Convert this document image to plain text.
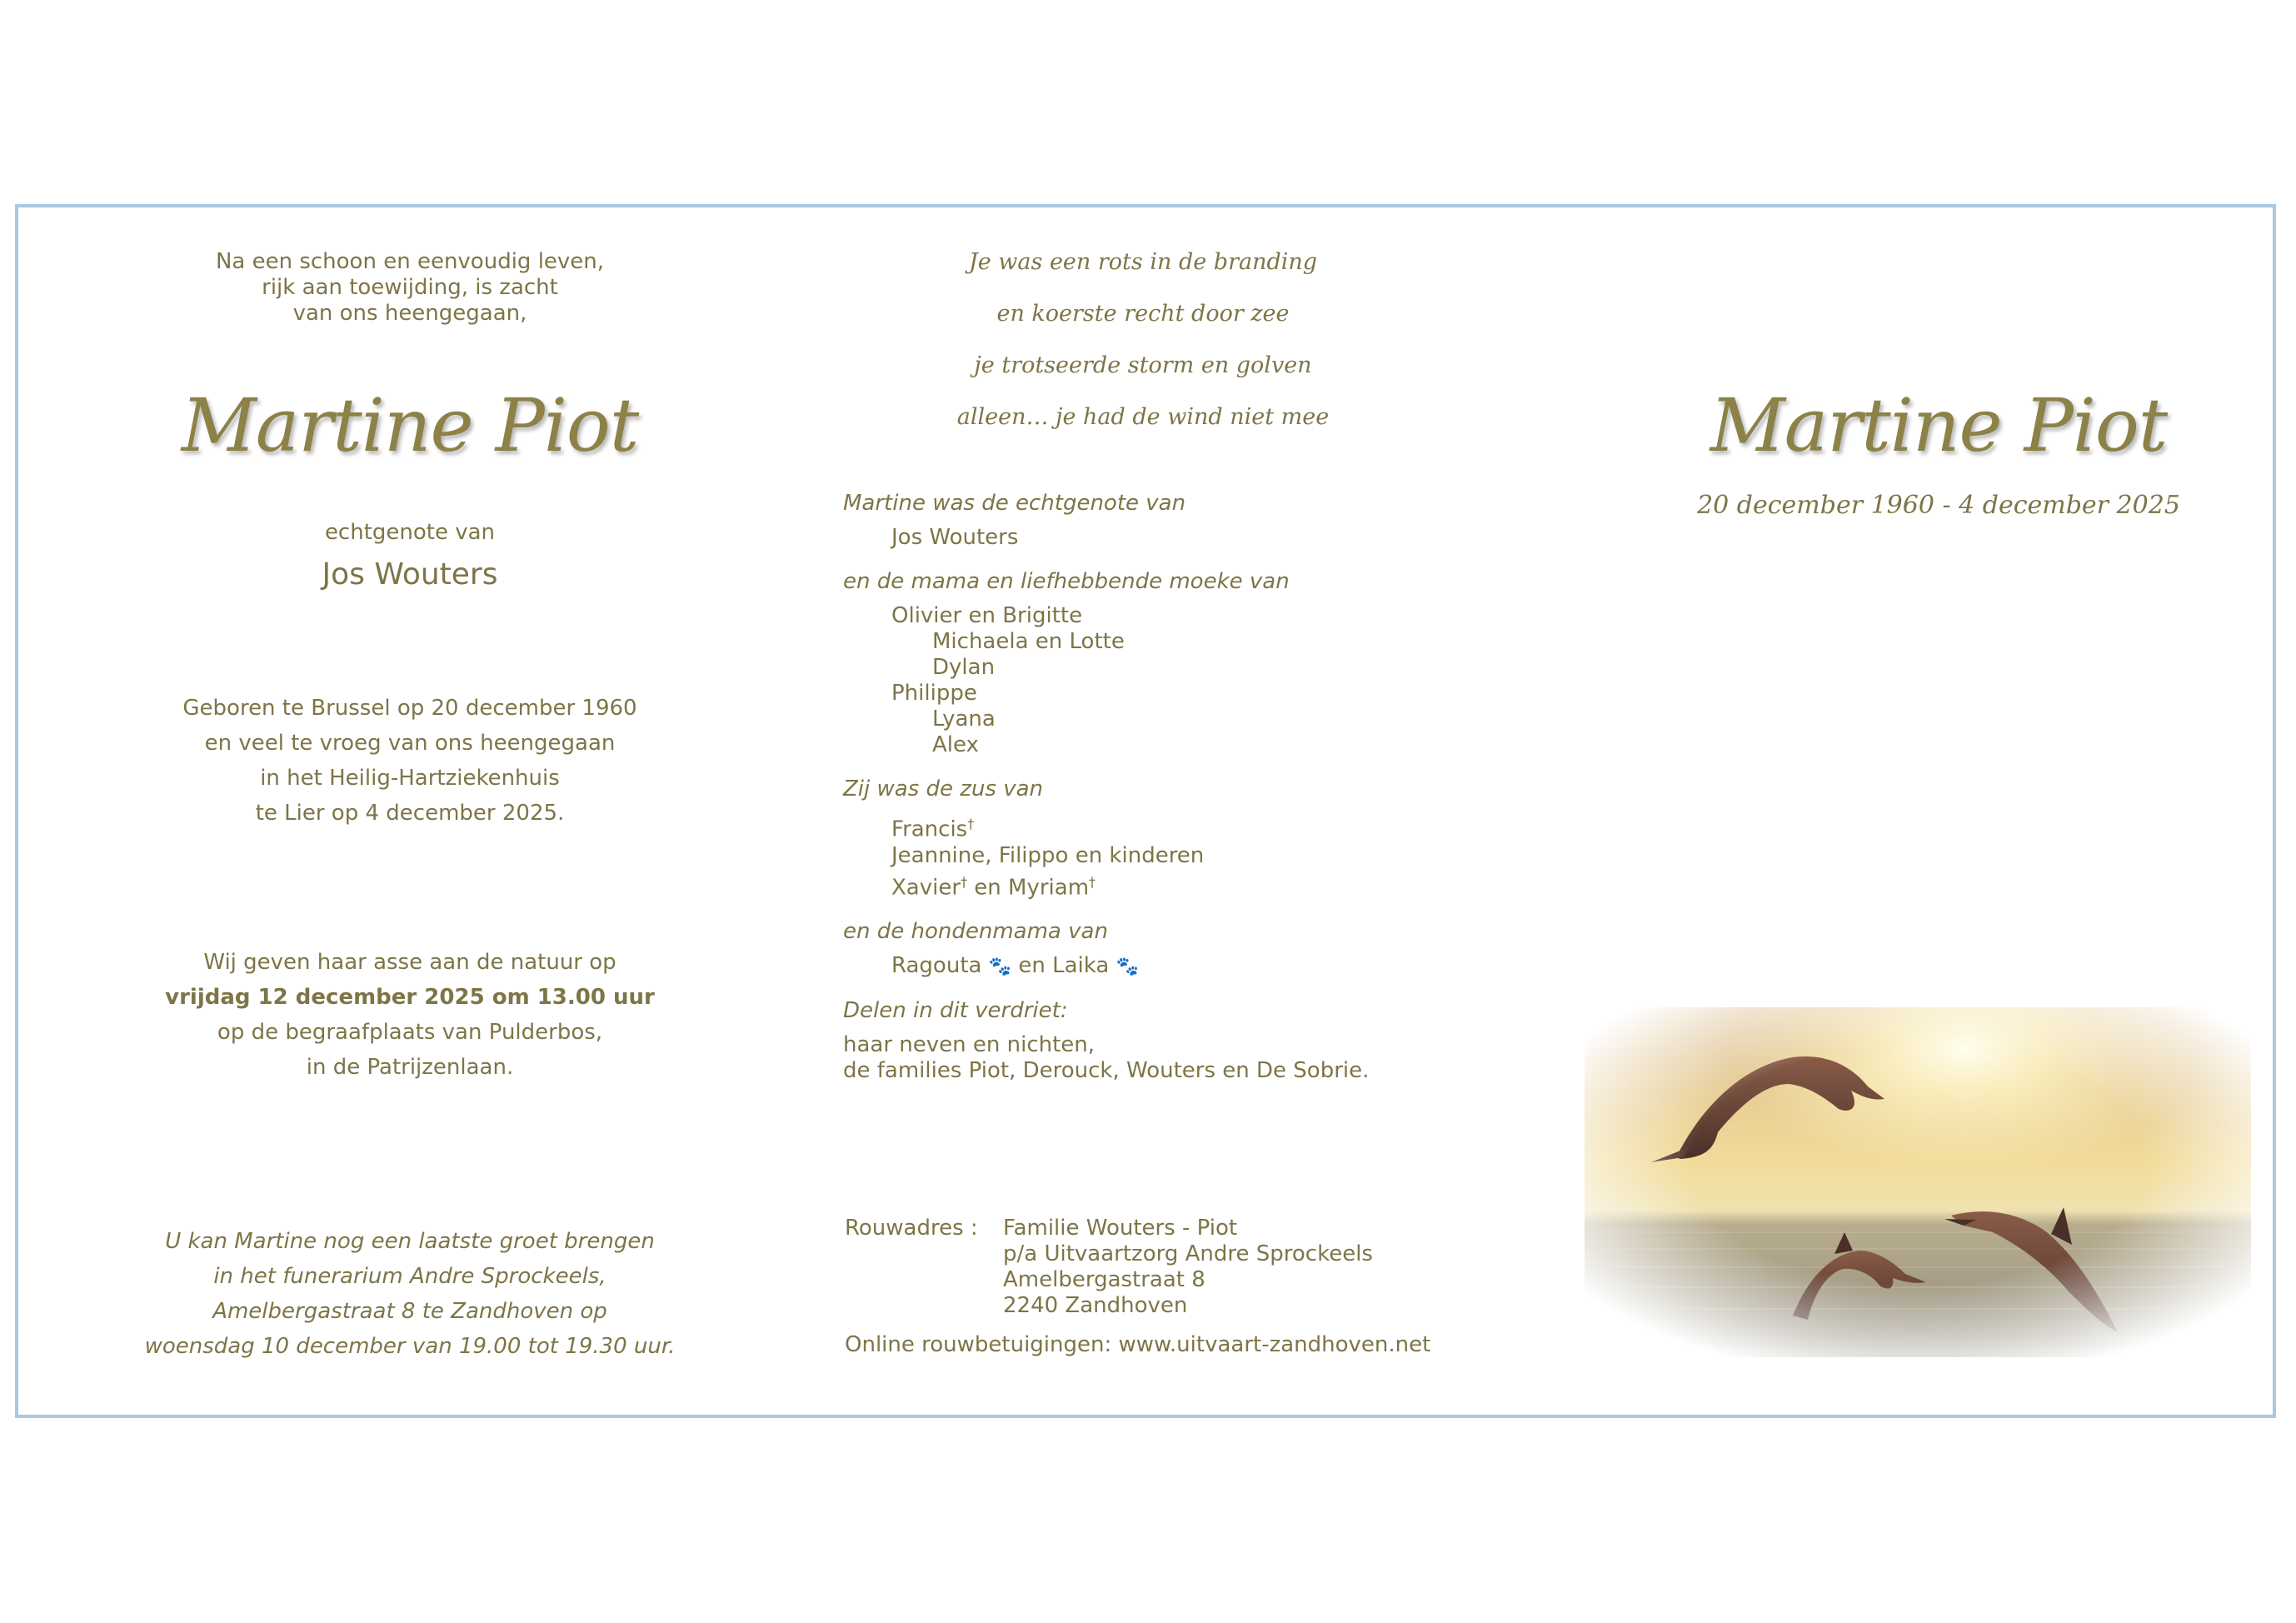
Na een schoon en eenvoudig leven,
rijk aan toewijding, is zacht
van ons heengegaan,
Martine Piot
echtgenote van
Jos Wouters
Geboren te Brussel op 20 december 1960
en veel te vroeg van ons heengegaan
in het Heilig-Hartziekenhuis
te Lier op 4 december 2025.
Wij geven haar asse aan de natuur op
vrijdag 12 december 2025 om 13.00 uur
op de begraafplaats van Pulderbos,
in de Patrijzenlaan.
U kan Martine nog een laatste groet brengen
in het funerarium Andre Sprockeels,
Amelbergastraat 8 te Zandhoven op
woensdag 10 december van 19.00 tot 19.30 uur.
Je was een rots in de branding
en koerste recht door zee
je trotseerde storm en golven
alleen… je had de wind niet mee
Martine was de echtgenote van
Jos Wouters
en de mama en liefhebbende moeke van
Olivier en Brigitte
Michaela en Lotte
Dylan
Philippe
Lyana
Alex
Zij was de zus van
Francis†
Jeannine, Filippo en kinderen
Xavier† en Myriam†
en de hondenmama van
Ragouta 🐾 en Laika 🐾
Delen in dit verdriet:
haar neven en nichten,
de families Piot, Derouck, Wouters en De Sobrie.
Rouwadres :	Familie Wouters - Piot
p/a Uitvaartzorg Andre Sprockeels
Amelbergastraat 8
2240 Zandhoven
Online rouwbetuigingen: www.uitvaart-zandhoven.net
Martine Piot
20 december 1960 - 4 december 2025
